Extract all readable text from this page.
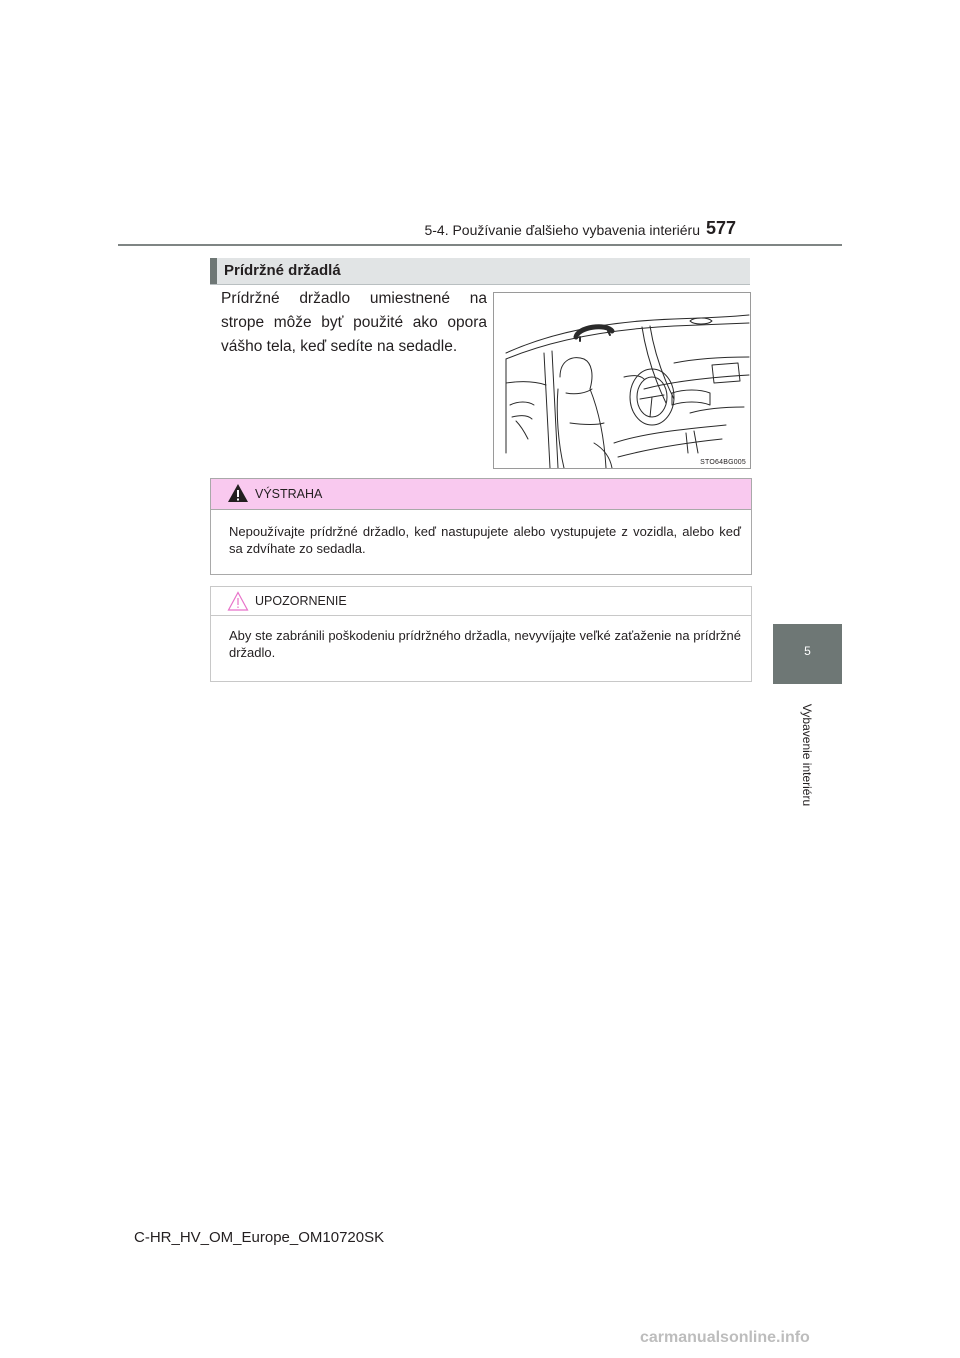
5-4. Používanie ďalšieho vybavenia interiéru 577
5
Vybavenie interiéru
Prídržné držadlá
Prídržné držadlo umiestnené na strope môže byť použité ako opora vášho tela, keď sedíte na sedadle.
STO64BG005
VÝSTRAHA
Nepoužívajte prídržné držadlo, keď nastupujete alebo vystupujete z vozidla, alebo keď sa zdvíhate zo sedadla.
UPOZORNENIE
Aby ste zabránili poškodeniu prídržného držadla, nevyvíjajte veľké zaťaženie na prídržné držadlo.
C-HR_HV_OM_Europe_OM10720SK
carmanualsonline.info
